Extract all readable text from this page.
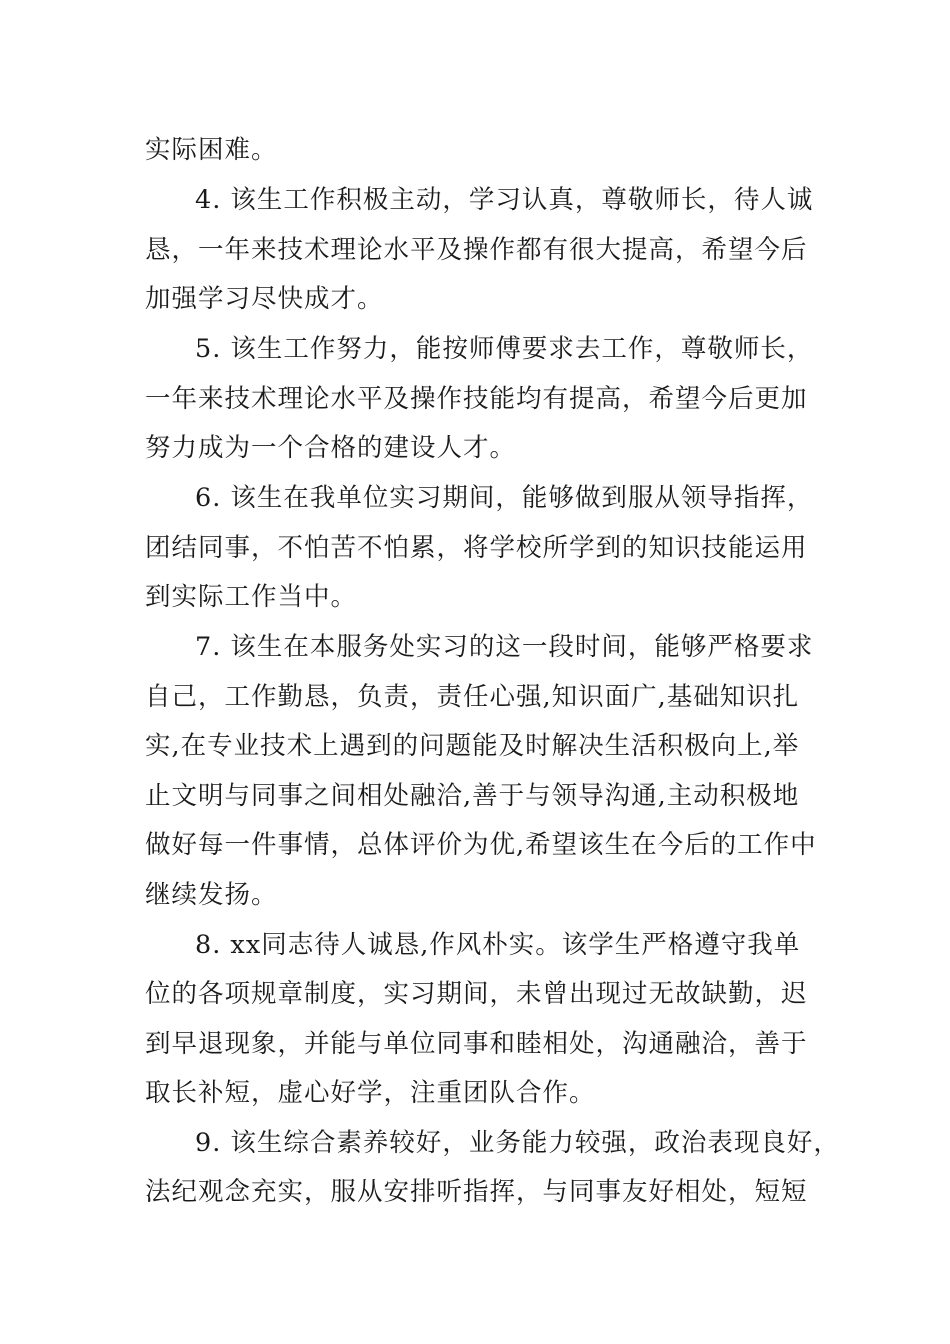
实际困难。
4. 该生工作积极主动，学习认真，尊敬师长，待人诚
恳，一年来技术理论水平及操作都有很大提高，希望今后
加强学习尽快成才。
5. 该生工作努力，能按师傅要求去工作，尊敬师长，
一年来技术理论水平及操作技能均有提高，希望今后更加
努力成为一个合格的建设人才。
6. 该生在我单位实习期间，能够做到服从领导指挥，
团结同事，不怕苦不怕累，将学校所学到的知识技能运用
到实际工作当中。
7. 该生在本服务处实习的这一段时间，能够严格要求
自己，工作勤恳，负责，责任心强,知识面广,基础知识扎
实,在专业技术上遇到的问题能及时解决生活积极向上,举
止文明与同事之间相处融洽,善于与领导沟通,主动积极地
做好每一件事情，总体评价为优,希望该生在今后的工作中
继续发扬。
8. xx同志待人诚恳,作风朴实。该学生严格遵守我单
位的各项规章制度，实习期间，未曾出现过无故缺勤，迟
到早退现象，并能与单位同事和睦相处，沟通融洽，善于
取长补短，虚心好学，注重团队合作。
9. 该生综合素养较好，业务能力较强，政治表现良好，
法纪观念充实，服从安排听指挥，与同事友好相处，短短
